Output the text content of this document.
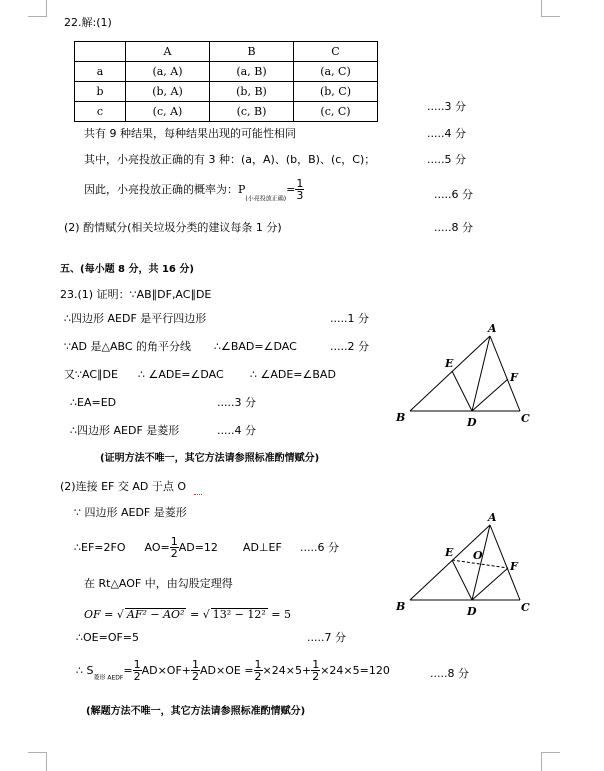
22.解:(1)
	A	B	C
a	(a, A)	(a, B)	(a, C)
b	(b, A)	(b, B)	(b, C)
c	(c, A)	(c, B)	(c, C)	.....3 分
共有 9 种结果，每种结果出现的可能性相同	.....4 分
其中，小亮投放正确的有 3 种：(a，A)、(b，B)、(c，C)；	.....5 分
因此，小亮投放正确的概率为：$P_{(小亮投放正确)}= \frac{1}{3}$	.....6 分
(2) 酌情赋分(相关垃圾分类的建议每条 1 分)	.....8 分
五、(每小题 8 分，共 16 分)
23.(1) 证明：∵AB∥DF,AC∥DE
∴四边形 AEDF 是平行四边形	.....1 分
∵AD 是△ABC 的角平分线 ∴∠BAD=∠DAC	.....2 分
又∵AC∥DE ∴ ∠ADE=∠DAC ∴ ∠ADE=∠BAD
∴EA=ED	.....3 分
∴四边形 AEDF 是菱形	.....4 分
(证明方法不唯一，其它方法请参照标准酌情赋分)
(2)连接 EF 交 AD 于点 O
∵ 四边形 AEDF 是菱形
∴EF=2FO $AO= \frac{1}{2} AD=12$ AD⊥EF .....6 分
在 Rt△AOF 中，由勾股定理得
OF = √ AF² − AO² = √ 13² − 12² = 5
∴OE=OF=5	.....7 分
∴ $S_{菱形 AEDF}= \frac{1}{2} AD\times OF+ \frac{1}{2} AD\times OE = \frac{1}{2} \times 24\times 5+ \frac{1}{2} \times 24\times 5=120$	.....8 分
(解题方法不唯一，其它方法请参照标准酌情赋分)
A
E
F
B	D	C
A
E O
F
B	D	C
